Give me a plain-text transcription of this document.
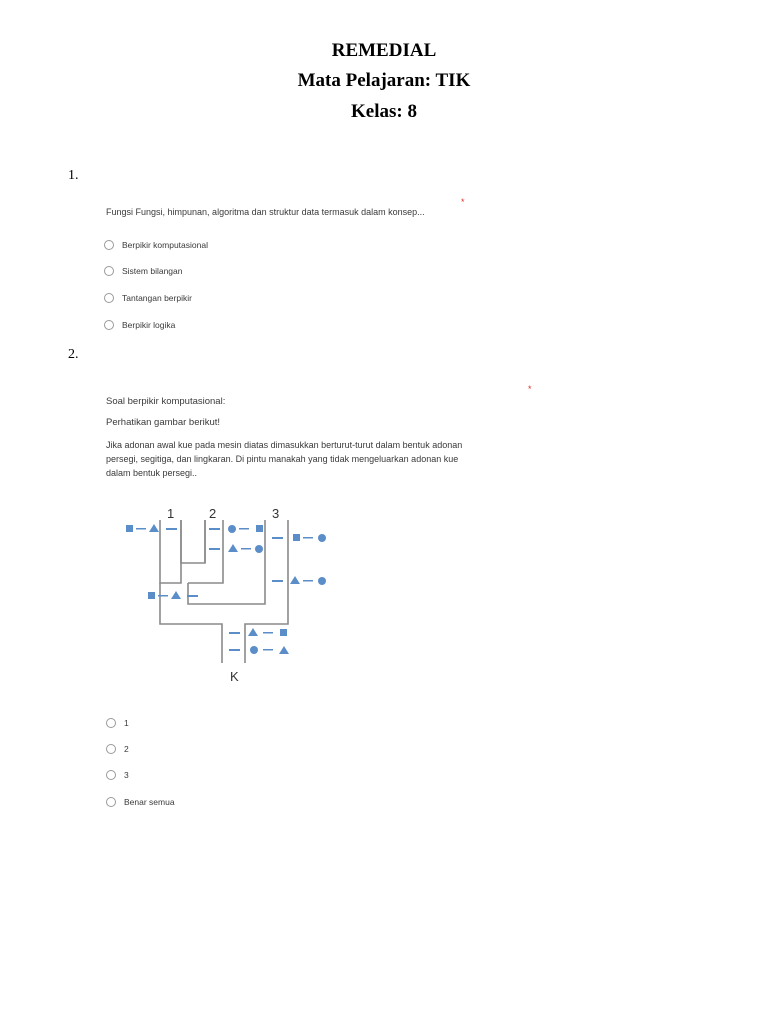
REMEDIAL
Mata Pelajaran: TIK
Kelas: 8
1.
Fungsi Fungsi, himpunan, algoritma dan struktur data termasuk dalam konsep...
*
Berpikir komputasional
Sistem bilangan
Tantangan berpikir
Berpikir logika
2.
*
Soal berpikir komputasional:
Perhatikan gambar berikut!
Jika adonan awal kue pada mesin diatas dimasukkan berturut-turut dalam bentuk adonan
persegi, segitiga, dan lingkaran. Di pintu manakah yang tidak mengeluarkan adonan kue
dalam bentuk persegi..
1	2	3
K
1
2
3
Benar semua
